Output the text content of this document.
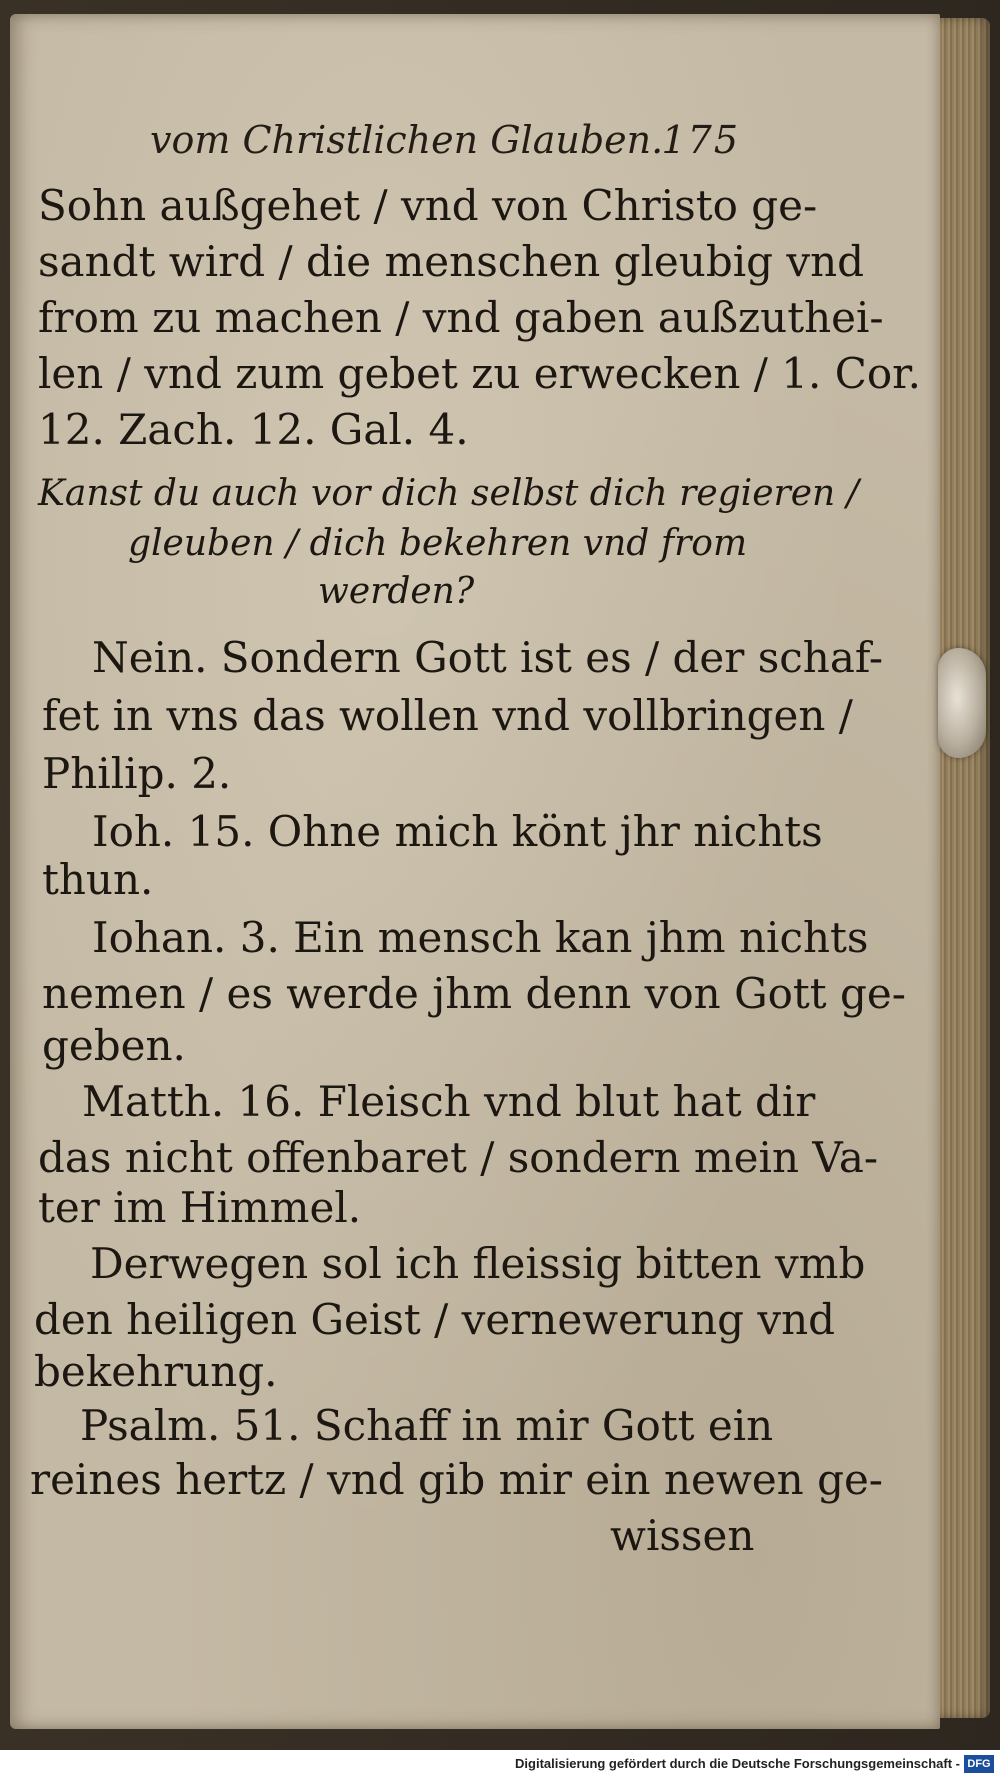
vom Christlichen Glauben.
175
Sohn außgehet / vnd von Christo ge-
sandt wird / die menschen gleubig vnd
from zu machen / vnd gaben außzuthei-
len / vnd zum gebet zu erwecken / 1. Cor.
12. Zach. 12. Gal. 4.
Kanst du auch vor dich selbst dich regieren /
gleuben / dich bekehren vnd from
werden?
Nein. Sondern Gott ist es / der schaf-
fet in vns das wollen vnd vollbringen /
Philip. 2.
Ioh. 15. Ohne mich könt jhr nichts
thun.
Iohan. 3. Ein mensch kan jhm nichts
nemen / es werde jhm denn von Gott ge-
geben.
Matth. 16. Fleisch vnd blut hat dir
das nicht offenbaret / sondern mein Va-
ter im Himmel.
Derwegen sol ich fleissig bitten vmb
den heiligen Geist / vernewerung vnd
bekehrung.
Psalm. 51. Schaff in mir Gott ein
reines hertz / vnd gib mir ein newen ge-
wissen
Digitalisierung gefördert durch die Deutsche Forschungsgemeinschaft - DFG
